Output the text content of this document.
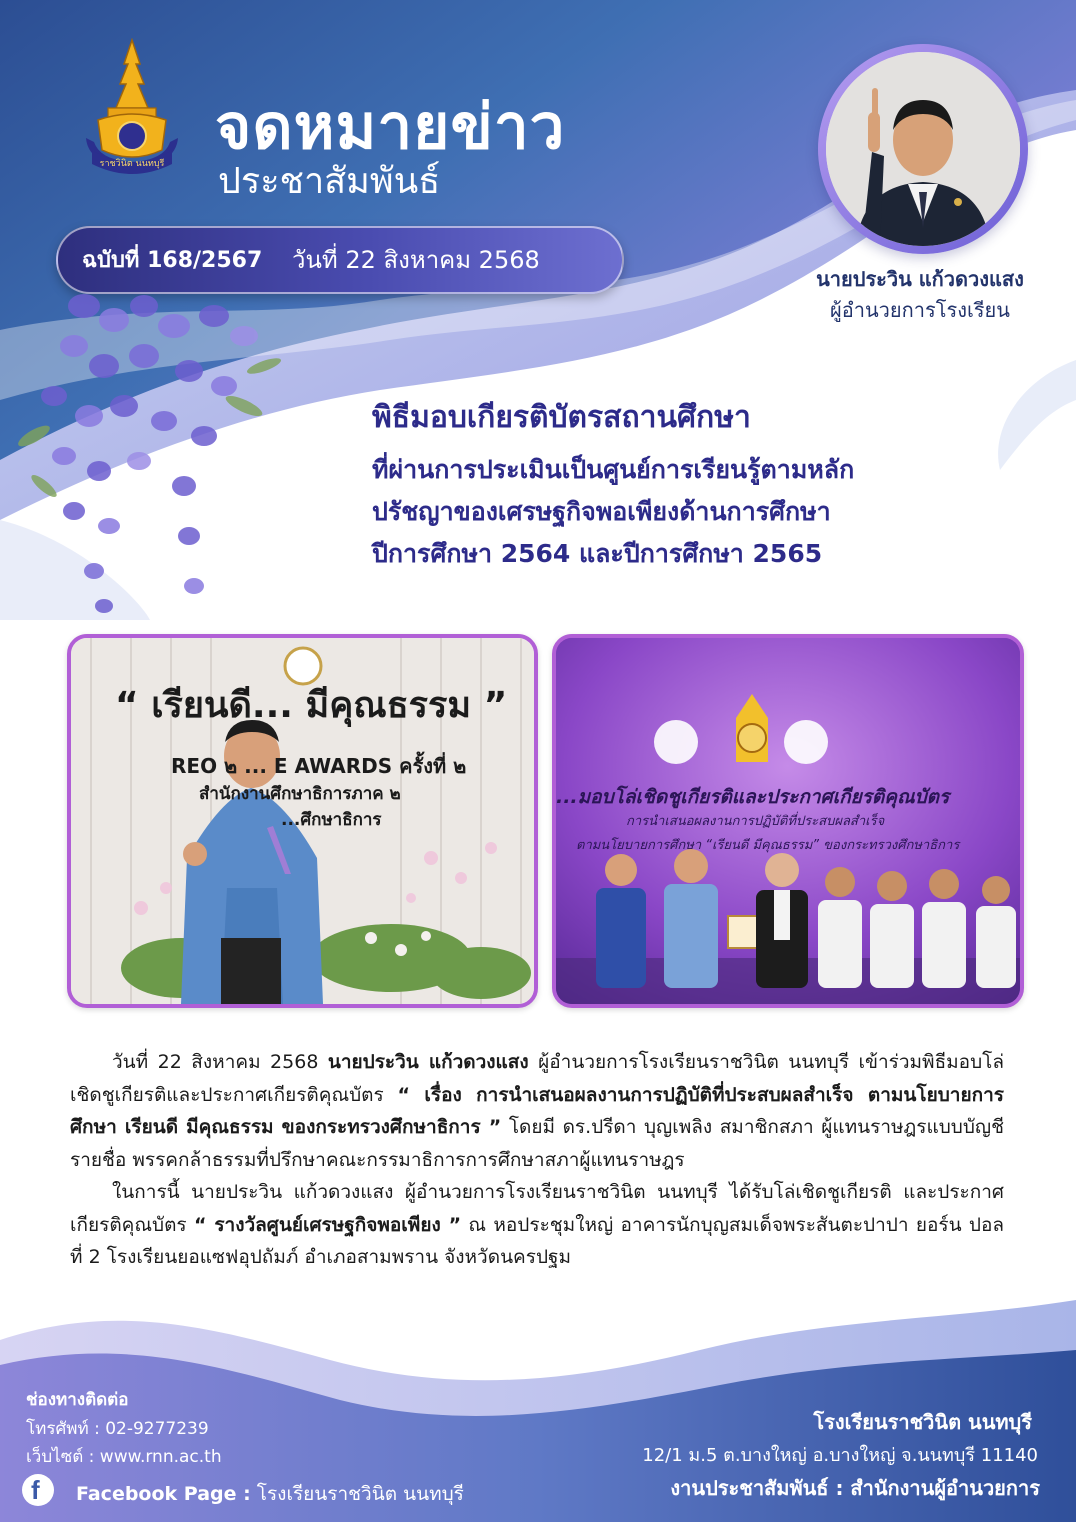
ราชวินิต นนทบุรี
จดหมายข่าว
ประชาสัมพันธ์
ฉบับที่ 168/2567 วันที่ 22 สิงหาคม 2568
นายประวิน แก้วดวงแสง
ผู้อำนวยการโรงเรียน
พิธีมอบเกียรติบัตรสถานศึกษา
ที่ผ่านการประเมินเป็นศูนย์การเรียนรู้ตามหลัก
ปรัชญาของเศรษฐกิจพอเพียงด้านการศึกษา
ปีการศึกษา 2564 และปีการศึกษา 2565
“ เรียนดี... มีคุณธรรม ”
REO ๒ ... E AWARDS ครั้งที่ ๒
สำนักงานศึกษาธิการภาค ๒
...ศึกษาธิการ
...มอบโล่เชิดชูเกียรติและประกาศเกียรติคุณบัตร
การนำเสนอผลงานการปฏิบัติที่ประสบผลสำเร็จ
ตามนโยบายการศึกษา “เรียนดี มีคุณธรรม” ของกระทรวงศึกษาธิการ

วันที่ 22 สิงหาคม 2568 นายประวิน แก้วดวงแสง ผู้อำนวยการโรงเรียนราชวินิต นนทบุรี เข้าร่วมพิธีมอบโล่เชิดชูเกียรติและประกาศเกียรติคุณบัตร “ เรื่อง การนำเสนอผลงานการปฏิบัติที่ประสบผลสำเร็จ ตามนโยบายการศึกษา เรียนดี มีคุณธรรม ของกระทรวงศึกษาธิการ ” โดยมี ดร.ปรีดา บุญเพลิง สมาชิกสภา ผู้แทนราษฎรแบบบัญชีรายชื่อ พรรคกล้าธรรมที่ปรึกษาคณะกรรมาธิการการศึกษาสภาผู้แทนราษฎร

ในการนี้ นายประวิน แก้วดวงแสง ผู้อำนวยการโรงเรียนราชวินิต นนทบุรี ได้รับโล่เชิดชูเกียรติ และประกาศเกียรติคุณบัตร “ รางวัลศูนย์เศรษฐกิจพอเพียง ” ณ หอประชุมใหญ่ อาคารนักบุญสมเด็จพระสันตะปาปา ยอร์น ปอลที่ 2 โรงเรียนยอแซฟอุปถัมภ์ อำเภอสามพราน จังหวัดนครปฐม

ช่องทางติดต่อ
โทรศัพท์ : 02-9277239
เว็บไซต์ : www.rnn.ac.th
f Facebook Page : โรงเรียนราชวินิต นนทบุรี
โรงเรียนราชวินิต นนทบุรี
12/1 ม.5 ต.บางใหญ่ อ.บางใหญ่ จ.นนทบุรี 11140
งานประชาสัมพันธ์ : สำนักงานผู้อำนวยการ
